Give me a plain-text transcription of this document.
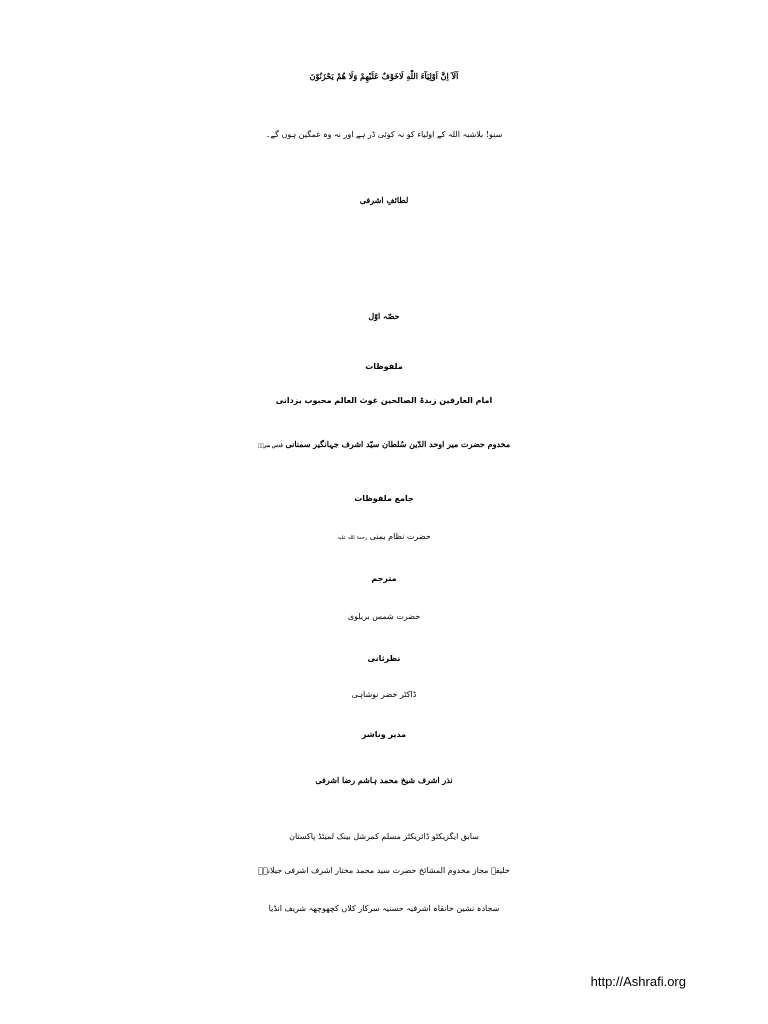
اَلَآ اِنَّ اَوْلِيَآءَ اللّٰهِ لَاخَوْفٌ عَلَيْهِمْ وَلَا هُمْ يَحْزَنُوْنَ
سنو! بلاشبہ اللہ کے اولیاء کو نہ کوئی ڈر ہے اور نہ وہ غمگین ہوں گے۔
لطائفِ اشرفی
حصّہ اوّل
ملفوظات
امام العارفین زبدۃ الصالحین غوث العالم محبوب یزدانی
مخدوم حضرت میر اوحد الدّین سُلطان سیّد اشرف جہانگیر سمنانی قدس سرہٗ
جامع ملفوظات
حضرت نظام یمنی رحمۃ اللہ علیہ
مترجم
حضرت شمس بریلوی
نظرثانی
ڈاکٹر خضر نوشاہی
مدیر وناشر
نذر اشرف شیخ محمد ہاشم رضا اشرفی
سابق ایگزیکٹو ڈائریکٹر مسلم کمرشل بینک لمیٹڈ پاکستان
خلیفہ مجاز مخدوم المشائخ حضرت سید محمد مختار اشرف اشرفی جیلانیؒ
سجادہ نشین خانقاہ اشرفیہ حسنیہ سرکار کلاں کچھوچھہ شریف انڈیا
http://Ashrafi.org
